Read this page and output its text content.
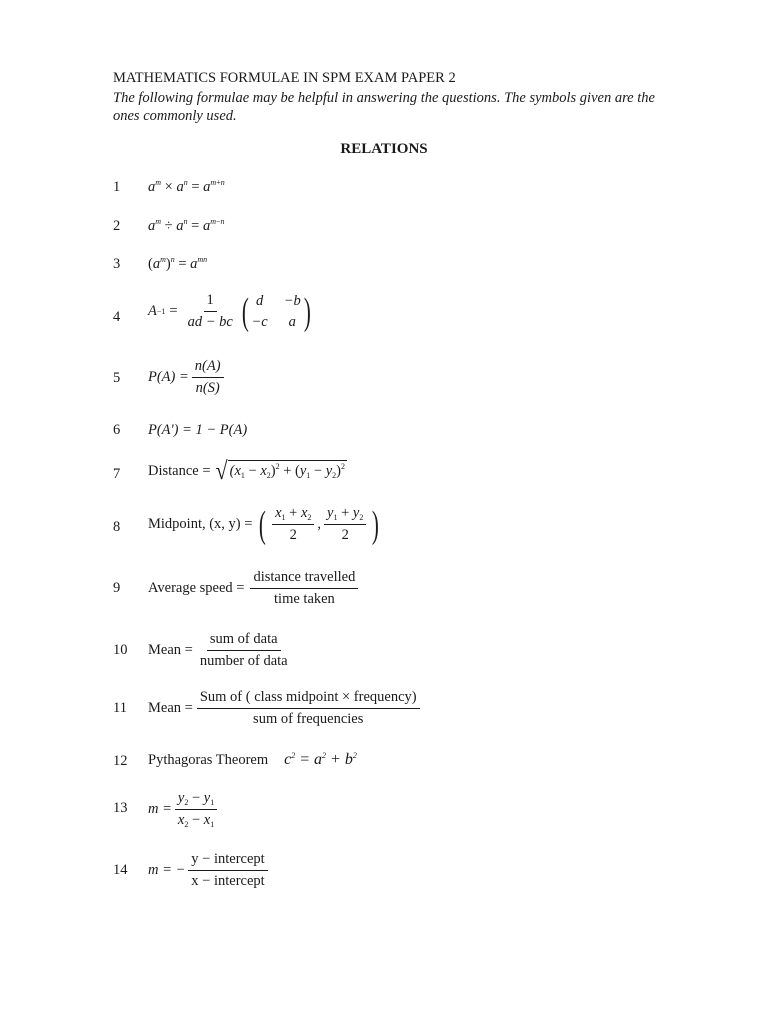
MATHEMATICS FORMULAE IN SPM EXAM PAPER 2
The following formulae may be helpful in answering the questions. The symbols given are the ones commonly used.
RELATIONS
1
2
3
4
5
6
7
8
9
10
11
12
13
14
$a^m \times a^n = a^{m+n}$
$a^m \div a^n = a^{m-n}$
$(a^m)^n = a^{mn}$
$A -1 = \frac{1}{ad - bc}$ ( d	−b
−c	a )
$P(A) = \frac{n(A)}{n(S)}$
P(A') = 1 − P(A)
Distance = √ $(x_1 - x_2)^2 + (y_1 - y_2)^2$
Midpoint, (x, y) = ( $\frac{x_1 + x_2}{2}$ , $\frac{y_1 + y_2}{2}$ )
Average speed = $\frac{\text{distance travelled}}{\text{time taken}}$
Mean = $\frac{\text{sum of data}}{\text{number of data}}$
Mean = $\frac{\text{Sum of ( class midpoint × frequency)}}{\text{sum of frequencies}}$
Pythagoras Theorem $c^2 = a^2 + b^2$
$m = \frac{y_2 - y_1}{x_2 - x_1}$
m = − $\frac{\text{y − intercept}}{\text{x − intercept}}$
